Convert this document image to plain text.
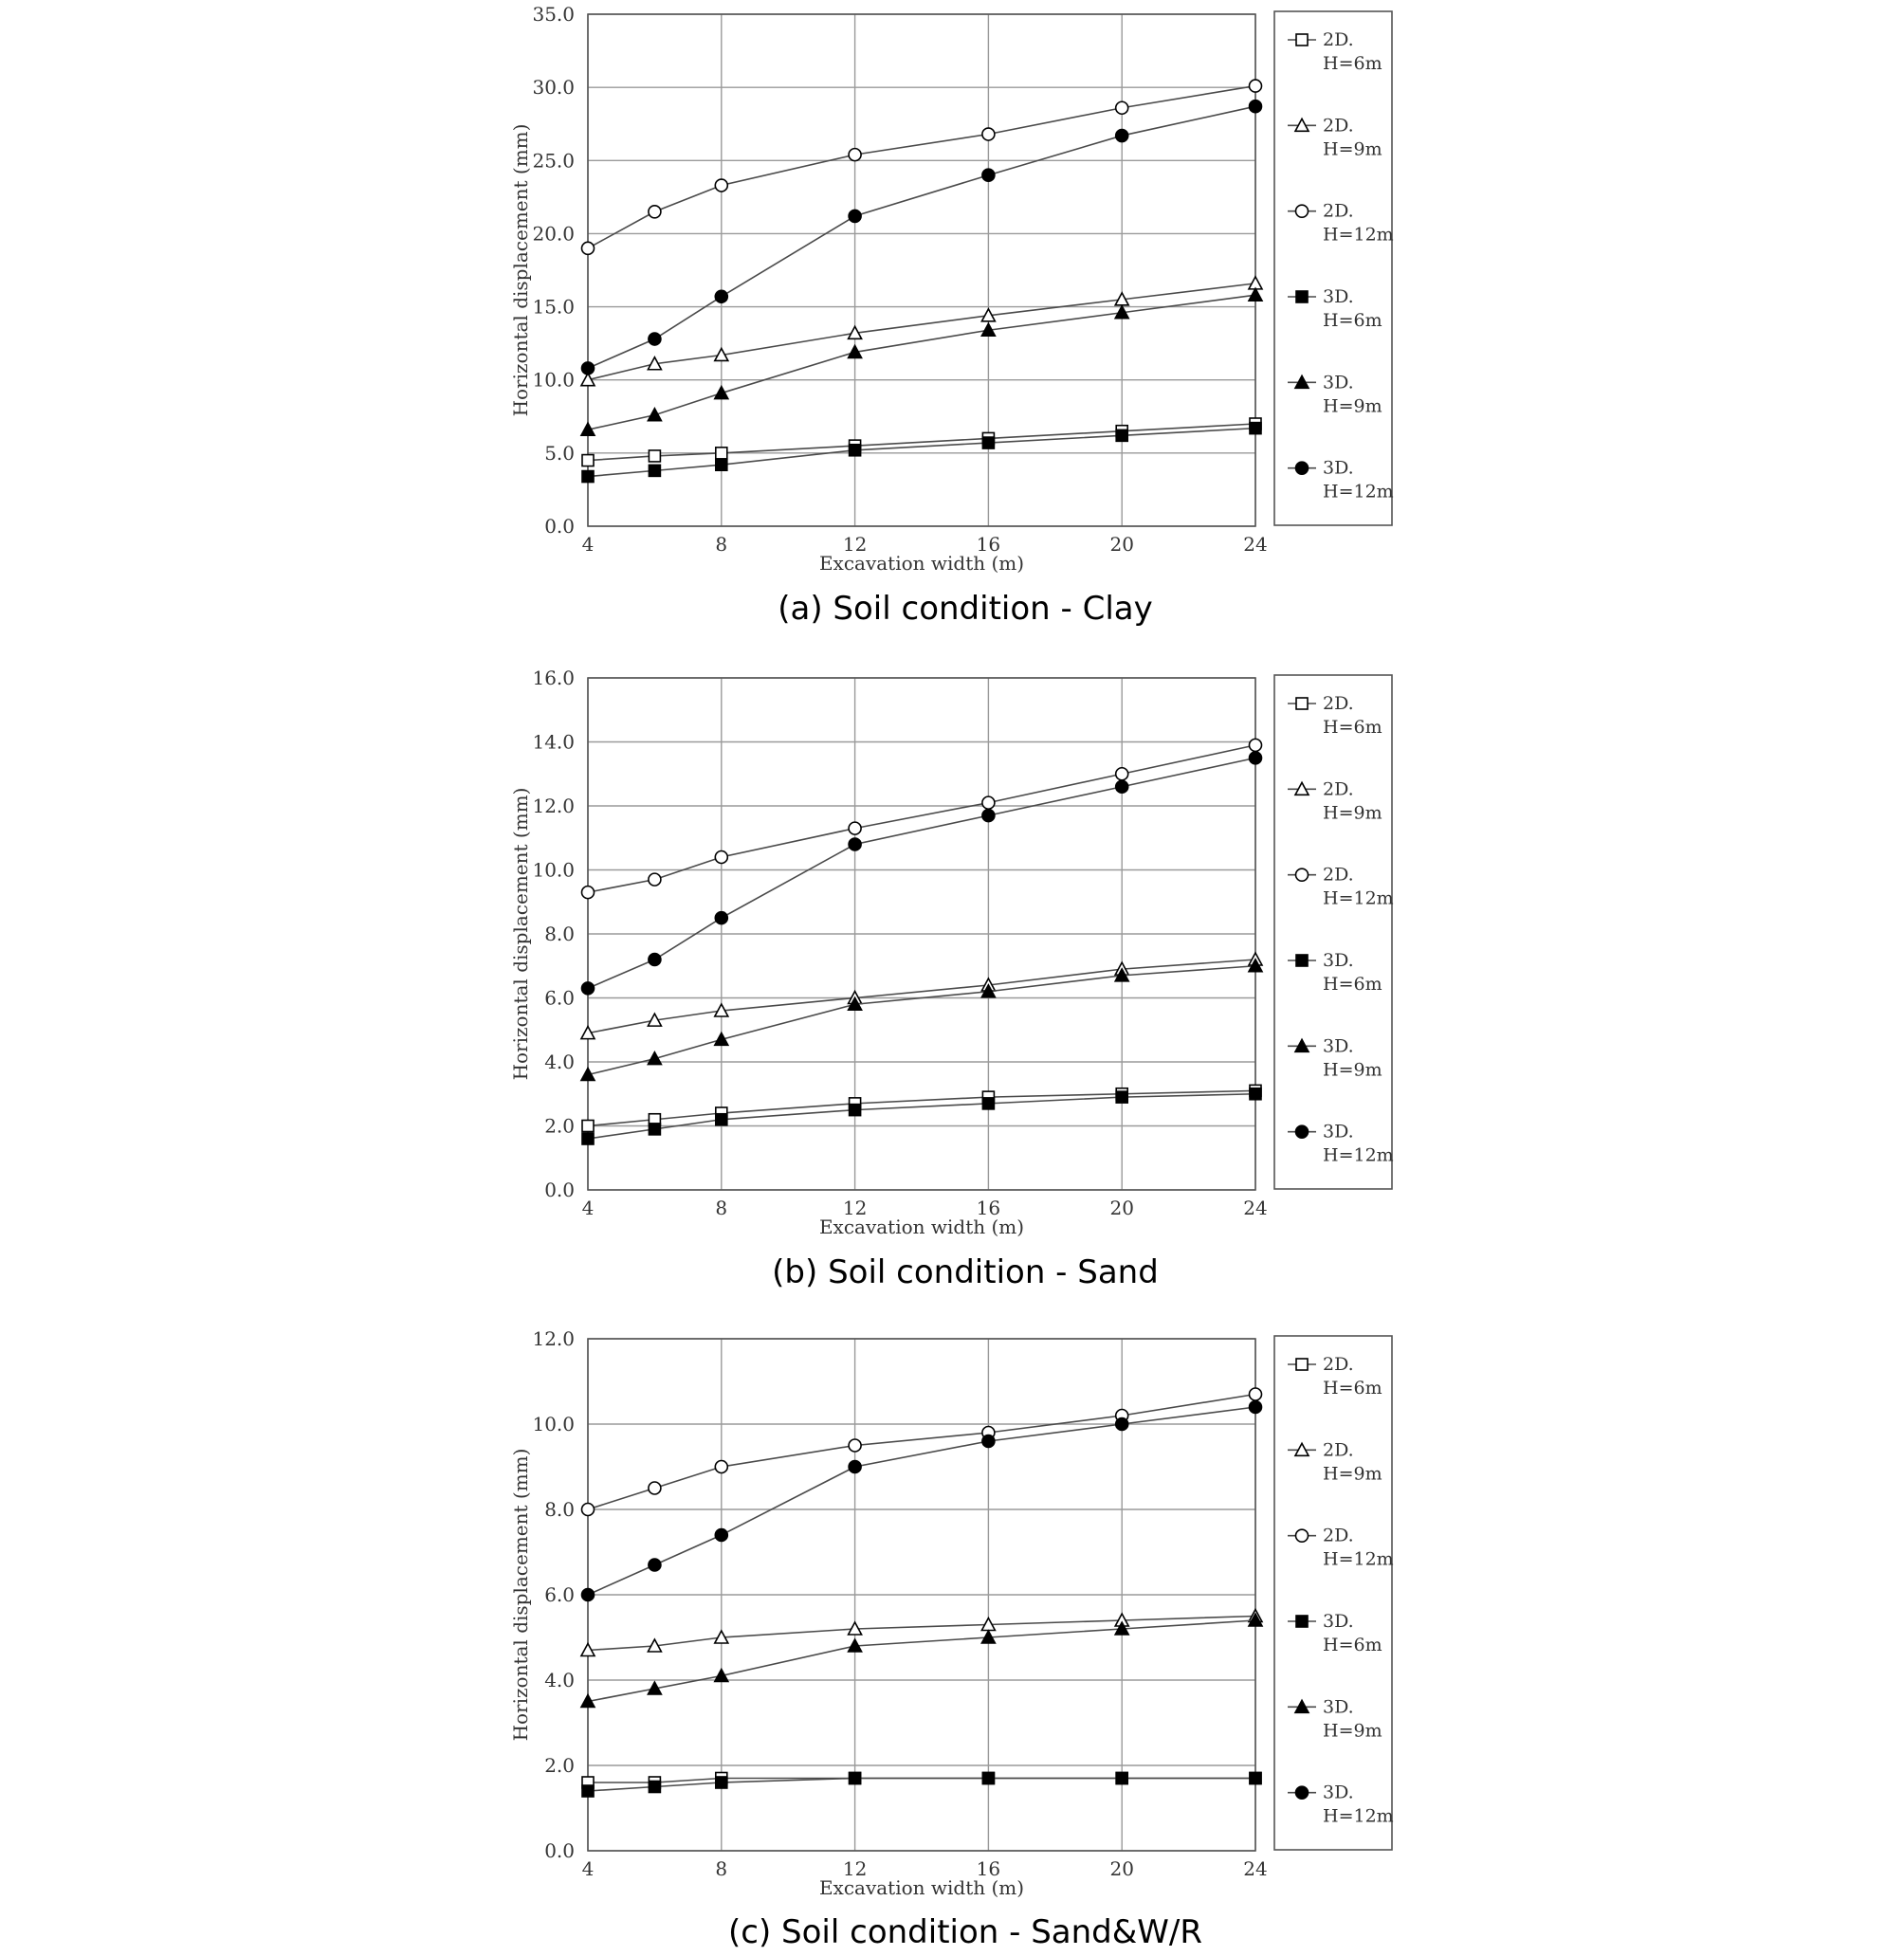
0.0
5.0
10.0
15.0
20.0
25.0
30.0
35.0
4	8	12	16	20	24
Excavation width (m)
Horizontal displacement (mm)
2D.
H=6m
2D.
H=9m
2D.
H=12m
3D.
H=6m
3D.
H=9m
3D.
H=12m
(a) Soil condition - Clay
0.0
2.0
4.0
6.0
8.0
10.0
12.0
14.0
16.0
4	8	12	16	20	24
Excavation width (m)
Horizontal displacement (mm)
2D.
H=6m
2D.
H=9m
2D.
H=12m
3D.
H=6m
3D.
H=9m
3D.
H=12m
(b) Soil condition - Sand
0.0
2.0
4.0
6.0
8.0
10.0
12.0
4	8	12	16	20	24
Excavation width (m)
Horizontal displacement (mm)
2D.
H=6m
2D.
H=9m
2D.
H=12m
3D.
H=6m
3D.
H=9m
3D.
H=12m
(c) Soil condition - Sand&W/R
